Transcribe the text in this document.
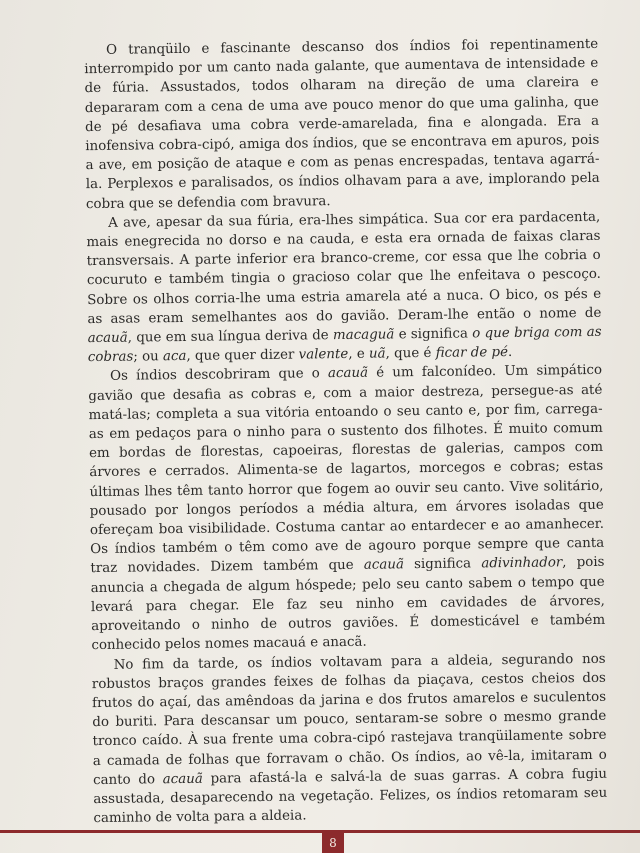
O tranqüilo e fascinante descanso dos índios foi repentinamente interrompido por um canto nada galante, que aumentava de intensidade e de fúria. Assustados, todos olharam na direção de uma clareira e depararam com a cena de uma ave pouco menor do que uma galinha, que de pé desafiava uma cobra verde-amarelada, fina e alongada. Era a inofensiva cobra-cipó, amiga dos índios, que se encontrava em apuros, pois a ave, em posição de ataque e com as penas encrespadas, tentava agarrá-la. Perplexos e paralisados, os índios olhavam para a ave, implorando pela cobra que se defendia com bravura.

A ave, apesar da sua fúria, era-lhes simpática. Sua cor era pardacenta, mais enegrecida no dorso e na cauda, e esta era ornada de faixas claras transversais. A parte inferior era branco-creme, cor essa que lhe cobria o cocuruto e também tingia o gracioso colar que lhe enfeitava o pescoço. Sobre os olhos corria-lhe uma estria amarela até a nuca. O bico, os pés e as asas eram semelhantes aos do gavião. Deram-lhe então o nome de acauã, que em sua língua deriva de macaguã e significa o que briga com as cobras; ou aca, que quer dizer valente, e uã, que é ficar de pé.

Os índios descobriram que o acauã é um falconídeo. Um simpático gavião que desafia as cobras e, com a maior destreza, persegue-as até matá-las; completa a sua vitória entoando o seu canto e, por fim, carrega-as em pedaços para o ninho para o sustento dos filhotes. É muito comum em bordas de florestas, capoeiras, florestas de galerias, campos com árvores e cerrados. Alimenta-se de lagartos, morcegos e cobras; estas últimas lhes têm tanto horror que fogem ao ouvir seu canto. Vive solitário, pousado por longos períodos a média altura, em árvores isoladas que ofereçam boa visibilidade. Costuma cantar ao entardecer e ao amanhecer. Os índios também o têm como ave de agouro porque sempre que canta traz novidades. Dizem também que acauã significa adivinhador, pois anuncia a chegada de algum hóspede; pelo seu canto sabem o tempo que levará para chegar. Ele faz seu ninho em cavidades de árvores, aproveitando o ninho de outros gaviões. É domesticável e também conhecido pelos nomes macauá e anacã.

No fim da tarde, os índios voltavam para a aldeia, segurando nos robustos braços grandes feixes de folhas da piaçava, cestos cheios dos frutos do açaí, das amêndoas da jarina e dos frutos amarelos e suculentos do buriti. Para descansar um pouco, sentaram-se sobre o mesmo grande tronco caído. À sua frente uma cobra-cipó rastejava tranqüilamente sobre a camada de folhas que forravam o chão. Os índios, ao vê-la, imitaram o canto do acauã para afastá-la e salvá-la de suas garras. A cobra fugiu assustada, desaparecendo na vegetação. Felizes, os índios retomaram seu caminho de volta para a aldeia.

8
